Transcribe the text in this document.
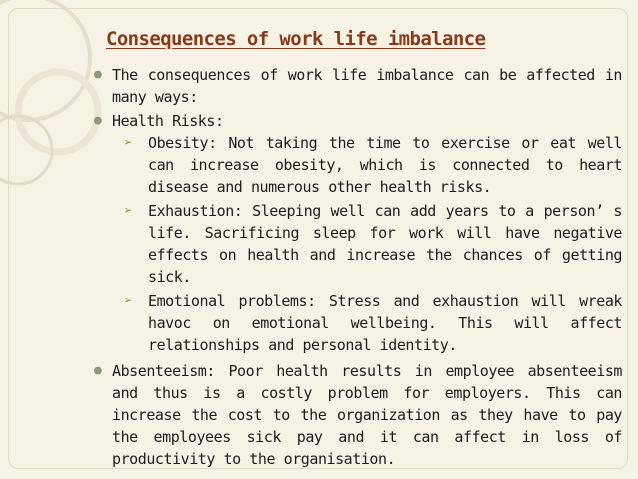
Consequences of work life imbalance
● The consequences of work life imbalance can be affected in many ways:
● Health Risks:
➢ Obesity: Not taking the time to exercise or eat well can increase obesity, which is connected to heart disease and numerous other health risks.
➢ Exhaustion: Sleeping well can add years to a person’ s life. Sacrificing sleep for work will have negative effects on health and increase the chances of getting sick.
➢ Emotional problems: Stress and exhaustion will wreak havoc on emotional wellbeing. This will affect relationships and personal identity.
● Absenteeism: Poor health results in employee absenteeism and thus is a costly problem for employers. This can increase the cost to the organization as they have to pay the employees sick pay and it can affect in loss of productivity to the organisation.
